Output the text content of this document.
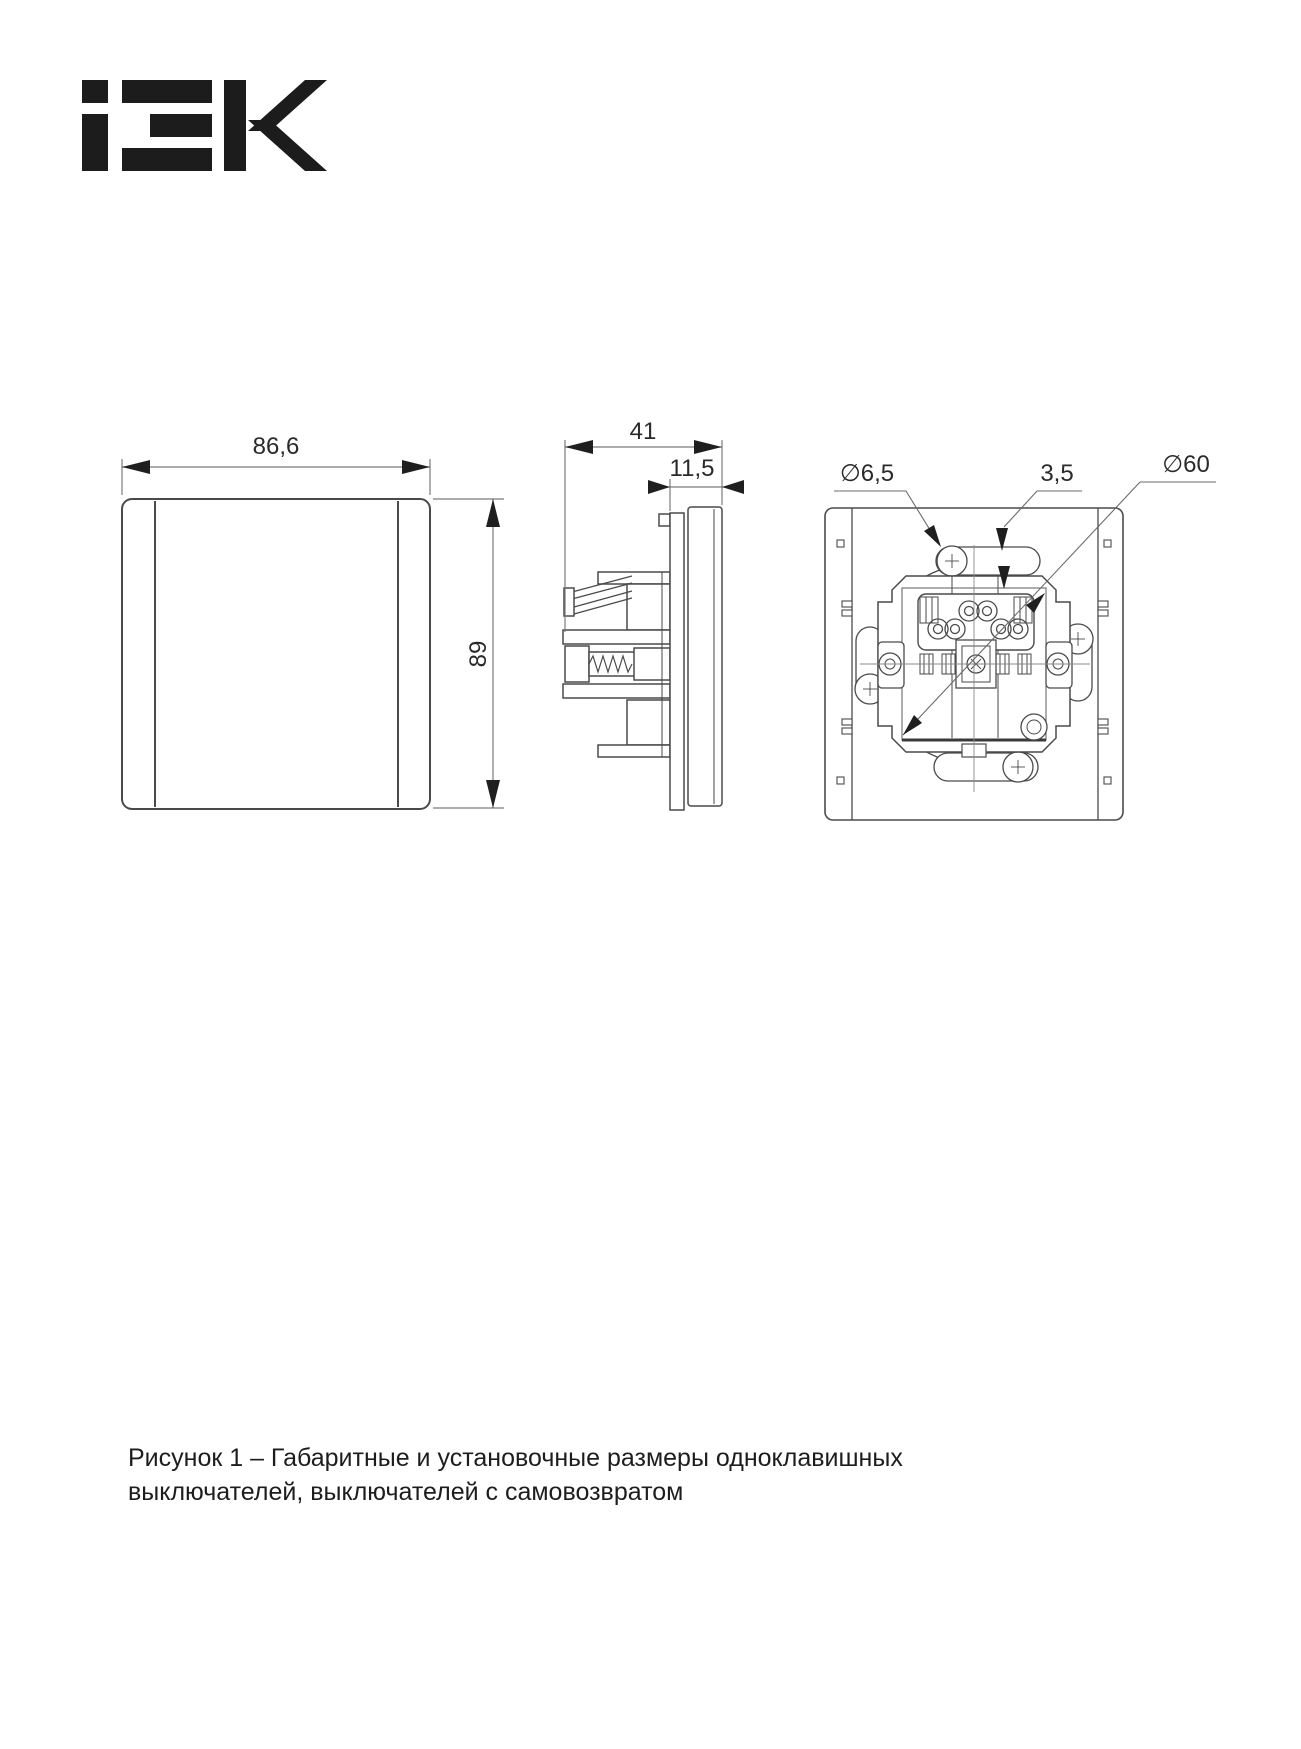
86,6
89
41
11,5	∅6,5	3,5	∅60

Рисунок 1 – Габаритные и установочные размеры одноклавишных
выключателей, выключателей с самовозвратом
